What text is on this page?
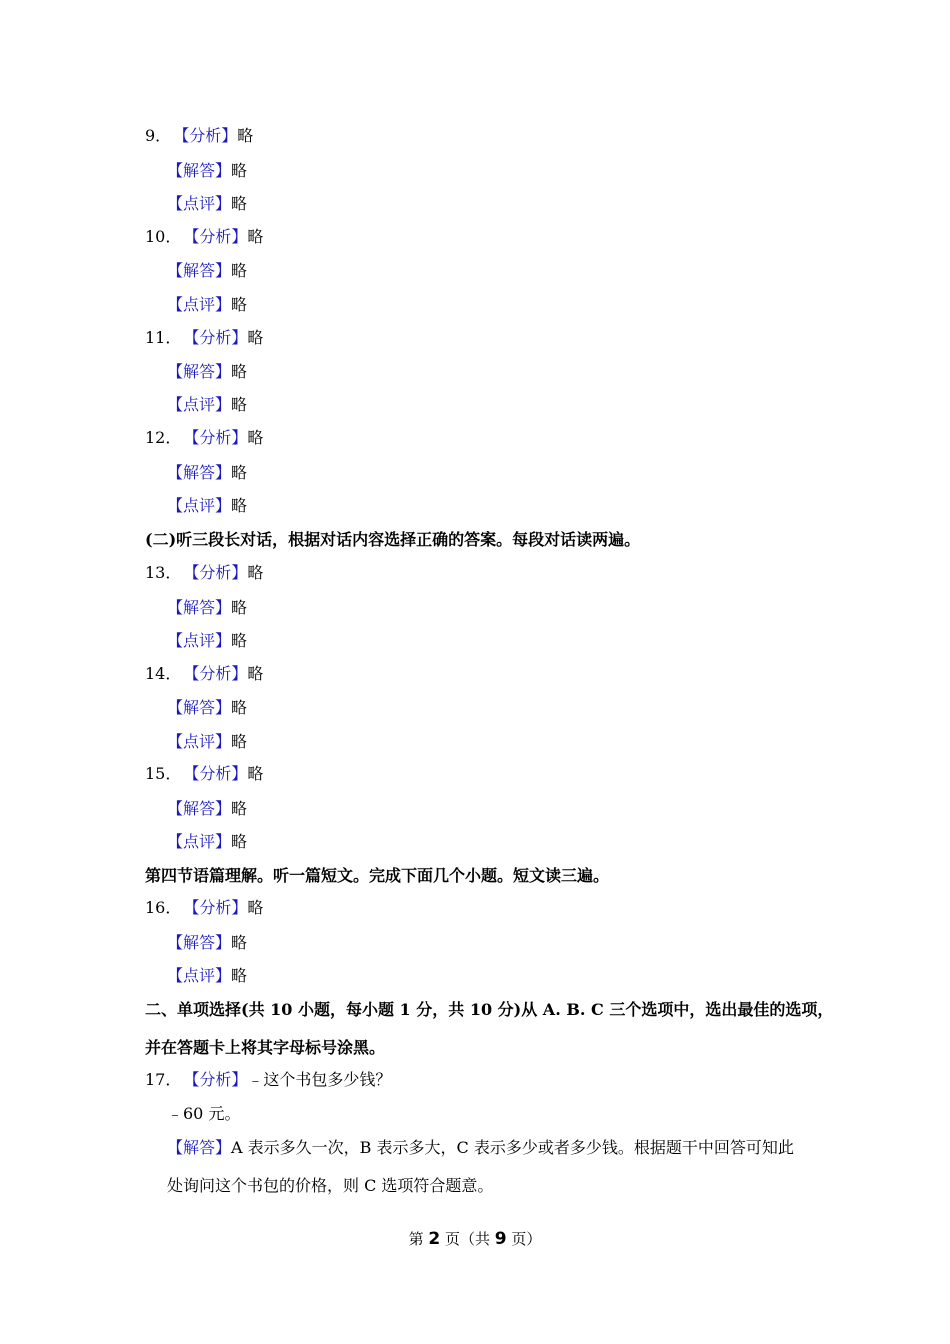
9． 【分析】略
【解答】略
【点评】略
10． 【分析】略
【解答】略
【点评】略
11． 【分析】略
【解答】略
【点评】略
12． 【分析】略
【解答】略
【点评】略
(二)听三段长对话，根据对话内容选择正确的答案。每段对话读两遍。
13． 【分析】略
【解答】略
【点评】略
14． 【分析】略
【解答】略
【点评】略
15． 【分析】略
【解答】略
【点评】略
第四节语篇理解。听一篇短文。完成下面几个小题。短文读三遍。
16． 【分析】略
【解答】略
【点评】略
二、单项选择(共 10 小题，每小题 1 分，共 10 分)从 A. B. C 三个选项中，选出最佳的选项，
并在答题卡上将其字母标号涂黑。
17． 【分析】﹣这个书包多少钱？
﹣60 元。
【解答】A 表示多久一次，B 表示多大，C 表示多少或者多少钱。根据题干中回答可知此
处询问这个书包的价格，则 C 选项符合题意。
第 2 页（共 9 页）
